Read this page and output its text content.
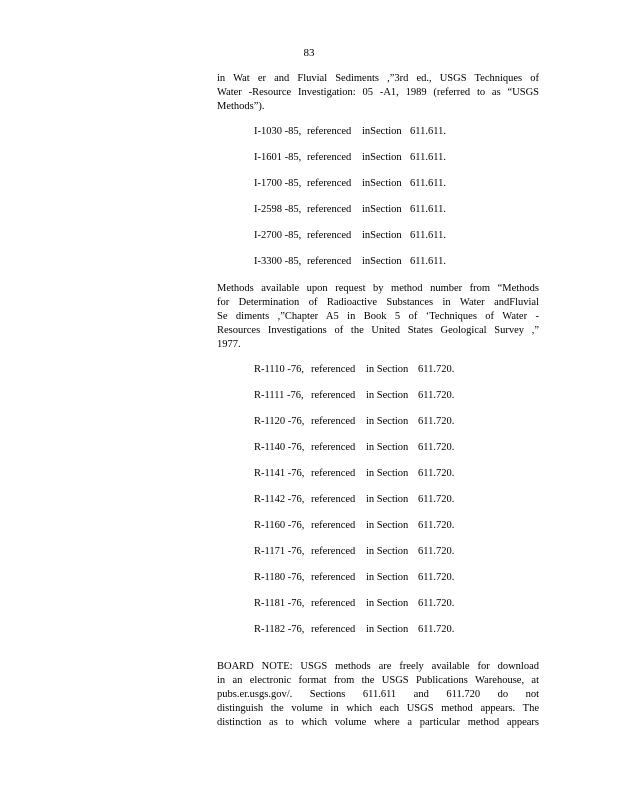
83
in Wat er and Fluvial Sediments ,”3rd ed., USGS Techniques of
Water -Resource Investigation: 05 -A1, 1989 (referred to as “USGS
Methods”).
I-1030 -85, referenced inSection 611.611.
I-1601 -85, referenced inSection 611.611.
I-1700 -85, referenced inSection 611.611.
I-2598 -85, referenced inSection 611.611.
I-2700 -85, referenced inSection 611.611.
I-3300 -85, referenced inSection 611.611.
Methods available upon request by method number from “Methods
for Determination of Radioactive Substances in Water andFluvial
Se diments ,”Chapter A5 in Book 5 of ‘Techniques of Water -
Resources Investigations of the United States Geological Survey ,”
1977.
R-1110 -76, referenced in Section 611.720.
R-1111 -76, referenced in Section 611.720.
R-1120 -76, referenced in Section 611.720.
R-1140 -76, referenced in Section 611.720.
R-1141 -76, referenced in Section 611.720.
R-1142 -76, referenced in Section 611.720.
R-1160 -76, referenced in Section 611.720.
R-1171 -76, referenced in Section 611.720.
R-1180 -76, referenced in Section 611.720.
R-1181 -76, referenced in Section 611.720.
R-1182 -76, referenced in Section 611.720.
BOARD NOTE: USGS methods are freely available for download
in an electronic format from the USGS Publications Warehouse, at
pubs.er.usgs.gov/. Sections 611.611 and 611.720 do not
distinguish the volume in which each USGS method appears. The
distinction as to which volume where a particular method appears
